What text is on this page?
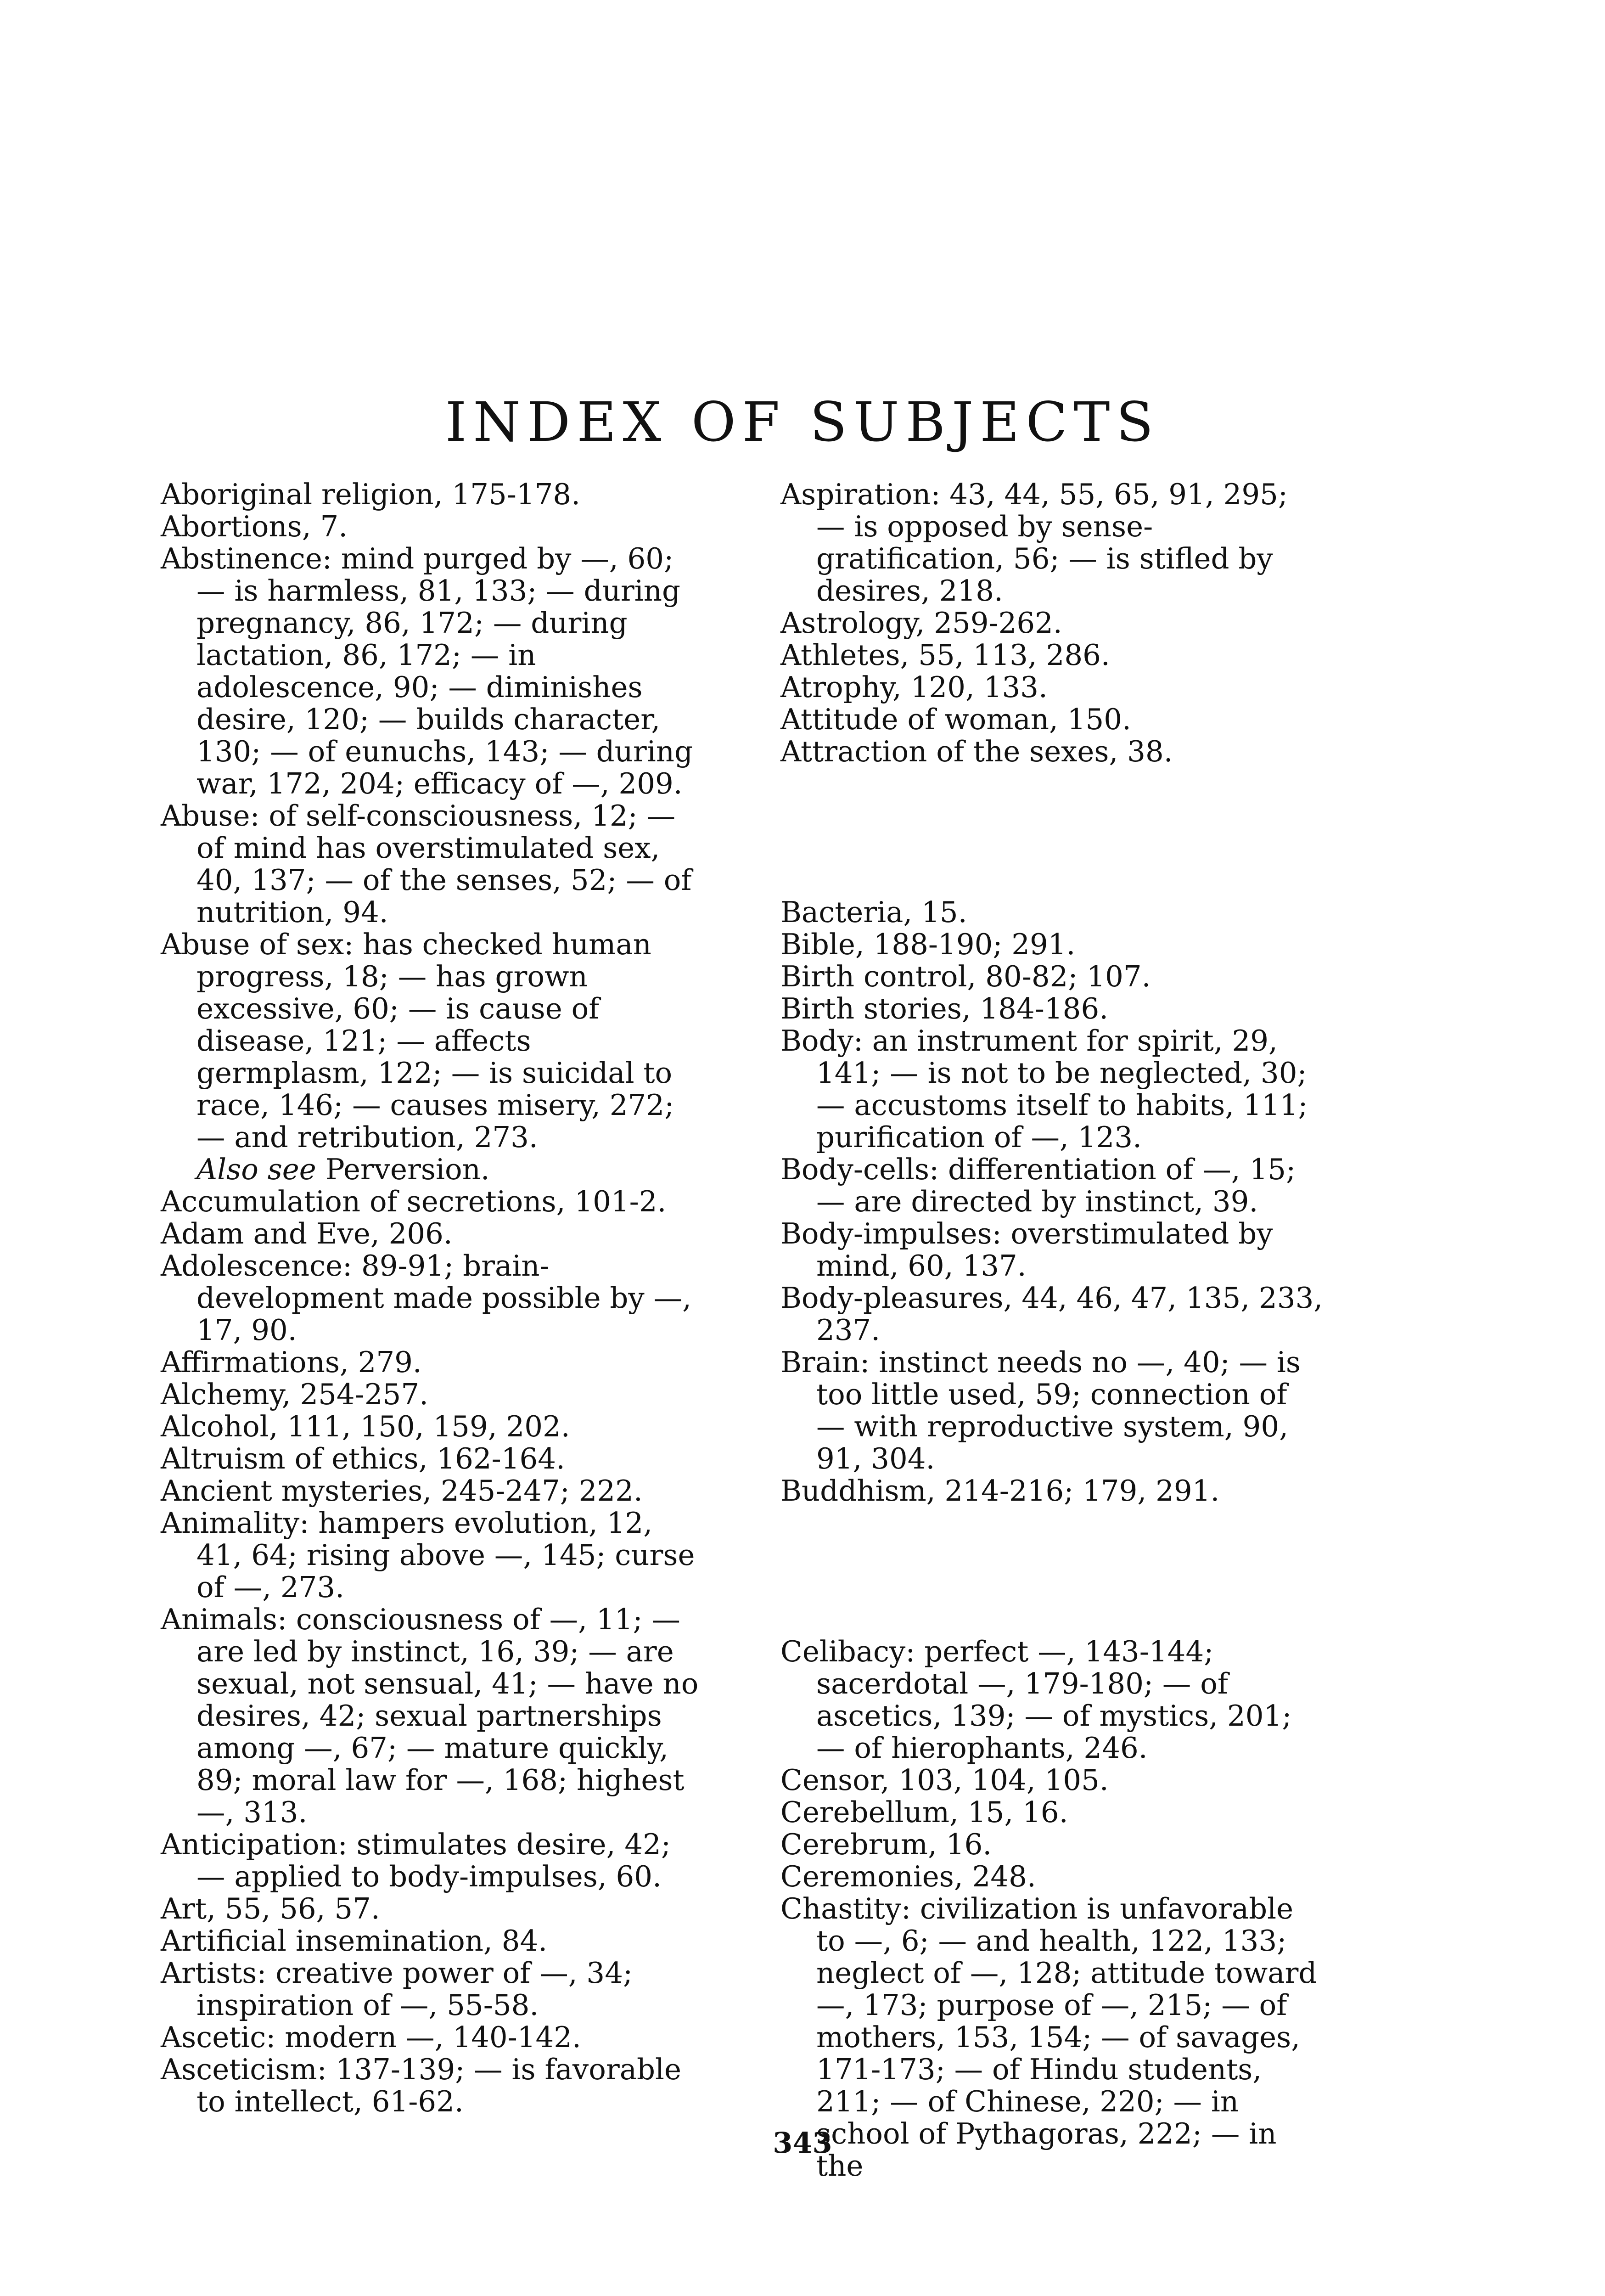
INDEX OF SUBJECTS

Aboriginal religion, 175-178.

Abortions, 7.

Abstinence: mind purged by —, 60; — is harmless, 81, 133; — during pregnancy, 86, 172; — during lactation, 86, 172; — in adolescence, 90; — diminishes desire, 120; — builds character, 130; — of eunuchs, 143; — during war, 172, 204; efficacy of —, 209.

Abuse: of self-consciousness, 12; — of mind has overstimulated sex, 40, 137; — of the senses, 52; — of nutrition, 94.

Abuse of sex: has checked human progress, 18; — has grown excessive, 60; — is cause of disease, 121; — affects germplasm, 122; — is suicidal to race, 146; — causes misery, 272; — and retribution, 273.

Also see Perversion.

Accumulation of secretions, 101-2.

Adam and Eve, 206.

Adolescence: 89-91; brain-development made possible by —, 17, 90.

Affirmations, 279.

Alchemy, 254-257.

Alcohol, 111, 150, 159, 202.

Altruism of ethics, 162-164.

Ancient mysteries, 245-247; 222.

Animality: hampers evolution, 12, 41, 64; rising above —, 145; curse of —, 273.

Animals: consciousness of —, 11; — are led by instinct, 16, 39; — are sexual, not sensual, 41; — have no desires, 42; sexual partnerships among —, 67; — mature quickly, 89; moral law for —, 168; highest —, 313.

Anticipation: stimulates desire, 42; — applied to body-impulses, 60.

Art, 55, 56, 57.

Artificial insemination, 84.

Artists: creative power of —, 34; inspiration of —, 55-58.

Ascetic: modern —, 140-142.

Asceticism: 137-139; — is favorable to intellect, 61-62.

Aspiration: 43, 44, 55, 65, 91, 295; — is opposed by sense-gratification, 56; — is stifled by desires, 218.

Astrology, 259-262.

Athletes, 55, 113, 286.

Atrophy, 120, 133.

Attitude of woman, 150.

Attraction of the sexes, 38.

Bacteria, 15.

Bible, 188-190; 291.

Birth control, 80-82; 107.

Birth stories, 184-186.

Body: an instrument for spirit, 29, 141; — is not to be neglected, 30; — accustoms itself to habits, 111; purification of —, 123.

Body-cells: differentiation of —, 15; — are directed by instinct, 39.

Body-impulses: overstimulated by mind, 60, 137.

Body-pleasures, 44, 46, 47, 135, 233, 237.

Brain: instinct needs no —, 40; — is too little used, 59; connection of — with reproductive system, 90, 91, 304.

Buddhism, 214-216; 179, 291.

Celibacy: perfect —, 143-144; sacerdotal —, 179-180; — of ascetics, 139; — of mystics, 201; — of hierophants, 246.

Censor, 103, 104, 105.

Cerebellum, 15, 16.

Cerebrum, 16.

Ceremonies, 248.

Chastity: civilization is unfavorable to —, 6; — and health, 122, 133; neglect of —, 128; attitude toward —, 173; purpose of —, 215; — of mothers, 153, 154; — of savages, 171-173; — of Hindu students, 211; — of Chinese, 220; — in school of Pythagoras, 222; — in the

343
